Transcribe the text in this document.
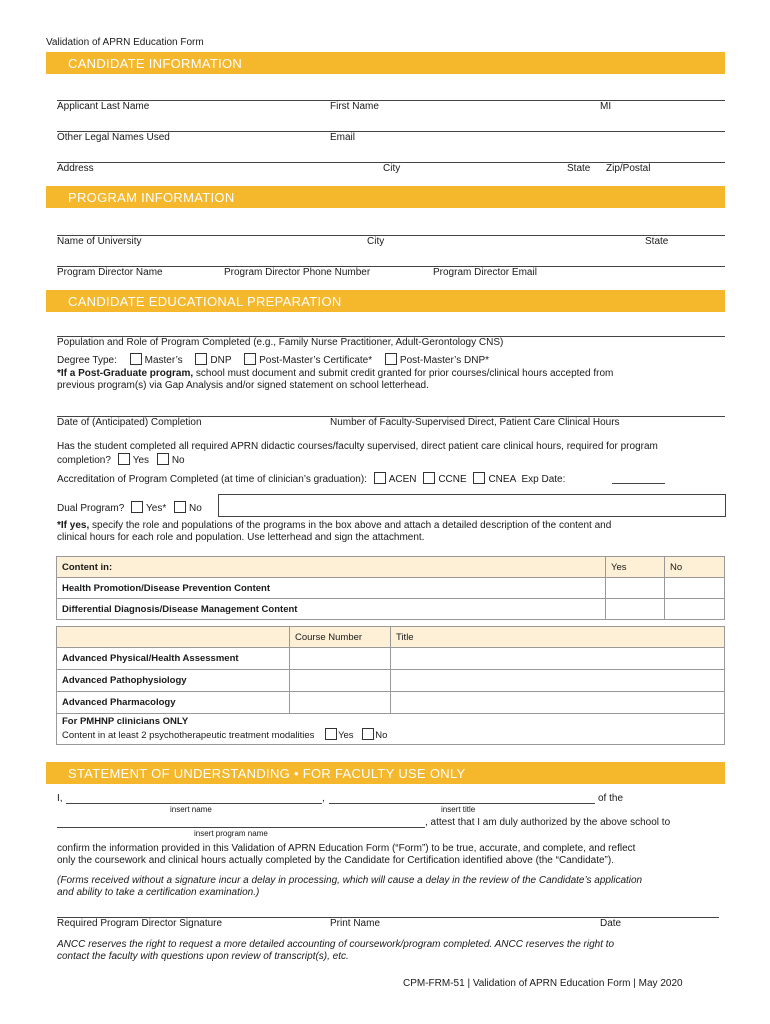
Validation of APRN Education Form
CANDIDATE INFORMATION
Applicant Last Name	First Name	MI
Other Legal Names Used	Email
Address	City	State Zip/Postal
PROGRAM INFORMATION
Name of University	City	State
Program Director Name	Program Director Phone Number	Program Director Email
CANDIDATE EDUCATIONAL PREPARATION
Population and Role of Program Completed (e.g., Family Nurse Practitioner, Adult-Gerontology CNS)
Degree Type:	Master’s	DNP	Post-Master’s Certificate*	Post-Master’s DNP*
*If a Post-Graduate program, school must document and submit credit granted for prior courses/clinical hours accepted from
previous program(s) via Gap Analysis and/or signed statement on school letterhead.
Date of (Anticipated) Completion	Number of Faculty-Supervised Direct, Patient Care Clinical Hours
Has the student completed all required APRN didactic courses/faculty supervised, direct patient care clinical hours, required for program
completion? Yes No
Accreditation of Program Completed (at time of clinician’s graduation): ACEN CCNE CNEA Exp Date:
Dual Program? Yes* No
*If yes, specify the role and populations of the programs in the box above and attach a detailed description of the content and
clinical hours for each role and population. Use letterhead and sign the attachment.
Content in:	Yes	No
Health Promotion/Disease Prevention Content		
Differential Diagnosis/Disease Management Content		
	Course Number	Title
Advanced Physical/Health Assessment		
Advanced Pathophysiology		
Advanced Pharmacology		
For PMHNP clinicians ONLY
Content in at least 2 psychotherapeutic treatment modalities Yes No		
STATEMENT OF UNDERSTANDING • FOR FACULTY USE ONLY
I,	,	of the
insert name	insert title
, attest that I am duly authorized by the above school to
insert program name
confirm the information provided in this Validation of APRN Education Form (“Form”) to be true, accurate, and complete, and reflect
only the coursework and clinical hours actually completed by the Candidate for Certification identified above (the “Candidate”).
(Forms received without a signature incur a delay in processing, which will cause a delay in the review of the Candidate’s application
and ability to take a certification examination.)
Required Program Director Signature	Print Name	Date
ANCC reserves the right to request a more detailed accounting of coursework/program completed. ANCC reserves the right to
contact the faculty with questions upon review of transcript(s), etc.
CPM-FRM-51 | Validation of APRN Education Form | May 2020
